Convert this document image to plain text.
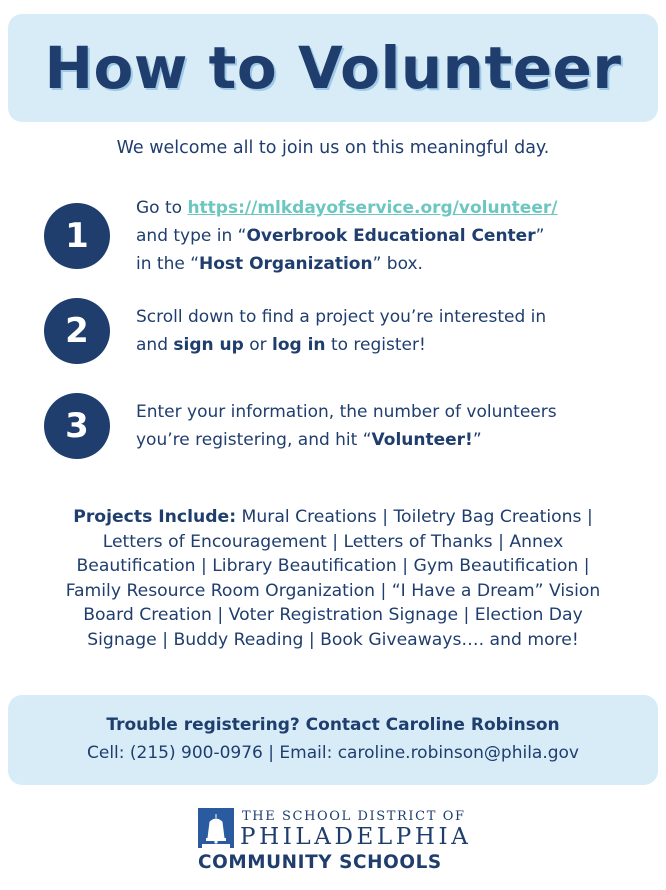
How to Volunteer

We welcome all to join us on this meaningful day.

1
Go to https://mlkdayofservice.org/volunteer/
and type in “Overbrook Educational Center”
in the “Host Organization” box.
2	Scroll down to find a project you’re interested in
and sign up or log in to register!
3	Enter your information, the number of volunteers
you’re registering, and hit “Volunteer!”
Projects Include: Mural Creations | Toiletry Bag Creations |
Letters of Encouragement | Letters of Thanks | Annex
Beautification | Library Beautification | Gym Beautification |
Family Resource Room Organization | “I Have a Dream” Vision
Board Creation | Voter Registration Signage | Election Day
Signage | Buddy Reading | Book Giveaways…. and more!
Trouble registering? Contact Caroline Robinson
Cell: (215) 900-0976 | Email: caroline.robinson@phila.gov
THE SCHOOL DISTRICT OF
PHILADELPHIA
COMMUNITY SCHOOLS
